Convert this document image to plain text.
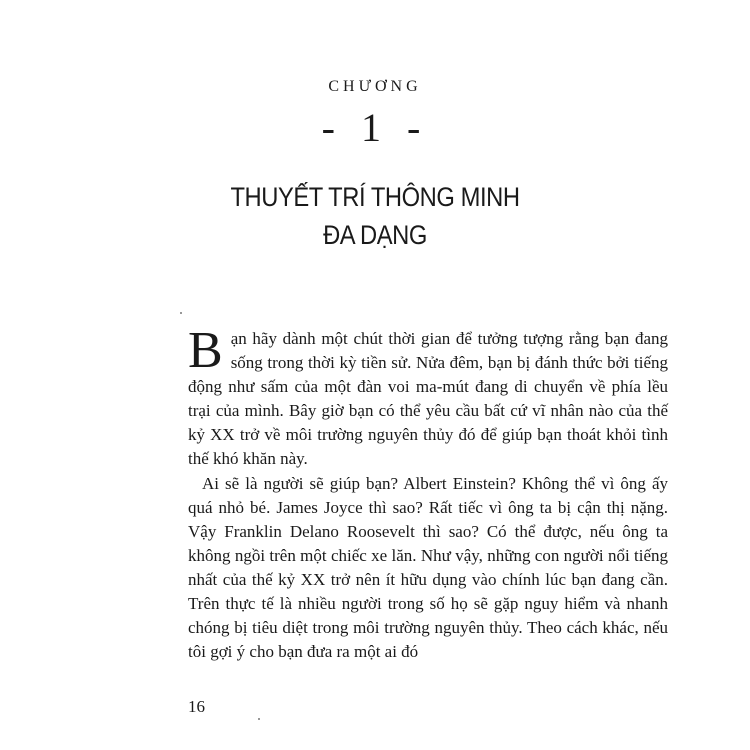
CHƯƠNG
- 1 -
THUYẾT TRÍ THÔNG MINH
ĐA DẠNG

Bạn hãy dành một chút thời gian để tưởng tượng rằng bạn đang sống trong thời kỳ tiền sử. Nửa đêm, bạn bị đánh thức bởi tiếng động như sấm của một đàn voi ma-mút đang di chuyển về phía lều trại của mình. Bây giờ bạn có thể yêu cầu bất cứ vĩ nhân nào của thế kỷ XX trở về môi trường nguyên thủy đó để giúp bạn thoát khỏi tình thế khó khăn này.

Ai sẽ là người sẽ giúp bạn? Albert Einstein? Không thể vì ông ấy quá nhỏ bé. James Joyce thì sao? Rất tiếc vì ông ta bị cận thị nặng. Vậy Franklin Delano Roosevelt thì sao? Có thể được, nếu ông ta không ngồi trên một chiếc xe lăn. Như vậy, những con người nổi tiếng nhất của thế kỷ XX trở nên ít hữu dụng vào chính lúc bạn đang cần. Trên thực tế là nhiều người trong số họ sẽ gặp nguy hiểm và nhanh chóng bị tiêu diệt trong môi trường nguyên thủy. Theo cách khác, nếu tôi gợi ý cho bạn đưa ra một ai đó

16
